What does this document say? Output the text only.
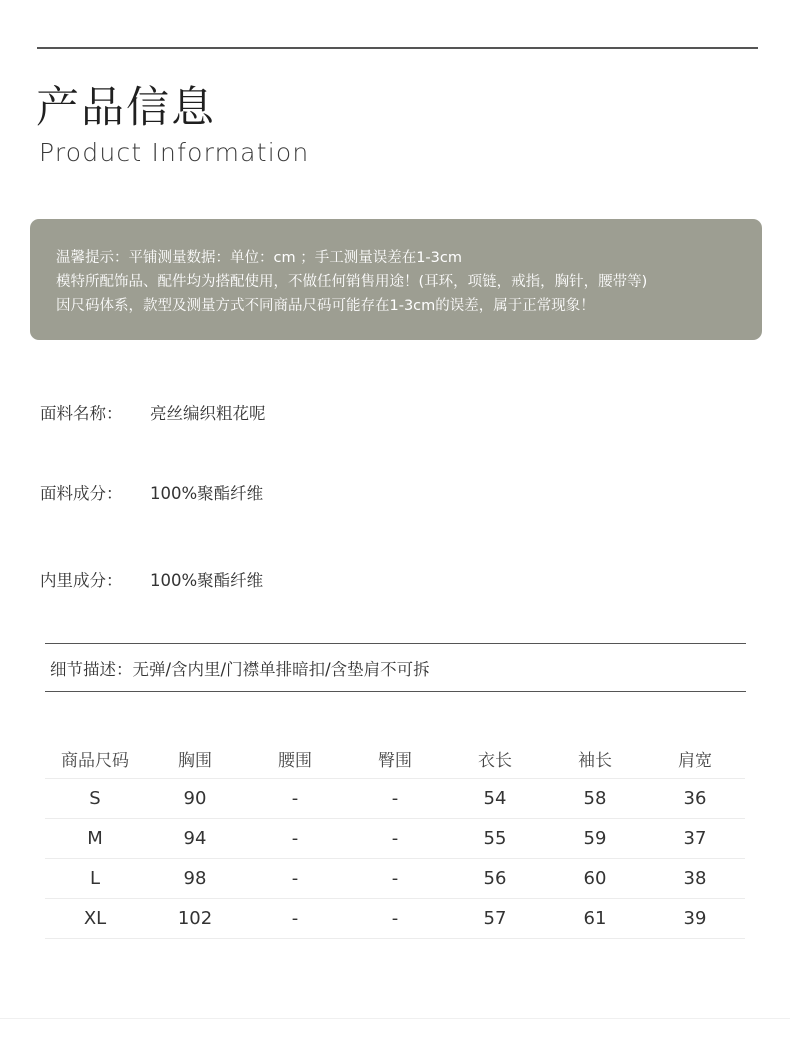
产品信息
Product Information
温馨提示：平铺测量数据：单位：cm ；手工测量误差在1-3cm
模特所配饰品、配件均为搭配使用，不做任何销售用途！(耳环，项链，戒指，胸针，腰带等)
因尺码体系，款型及测量方式不同商品尺码可能存在1-3cm的误差，属于正常现象！
面料名称： 亮丝编织粗花呢
面料成分： 100%聚酯纤维
内里成分： 100%聚酯纤维
细节描述：无弹/含内里/门襟单排暗扣/含垫肩不可拆
商品尺码	胸围	腰围	臀围	衣长	袖长	肩宽
S	90	-	-	54	58	36
M	94	-	-	55	59	37
L	98	-	-	56	60	38
XL	102	-	-	57	61	39
